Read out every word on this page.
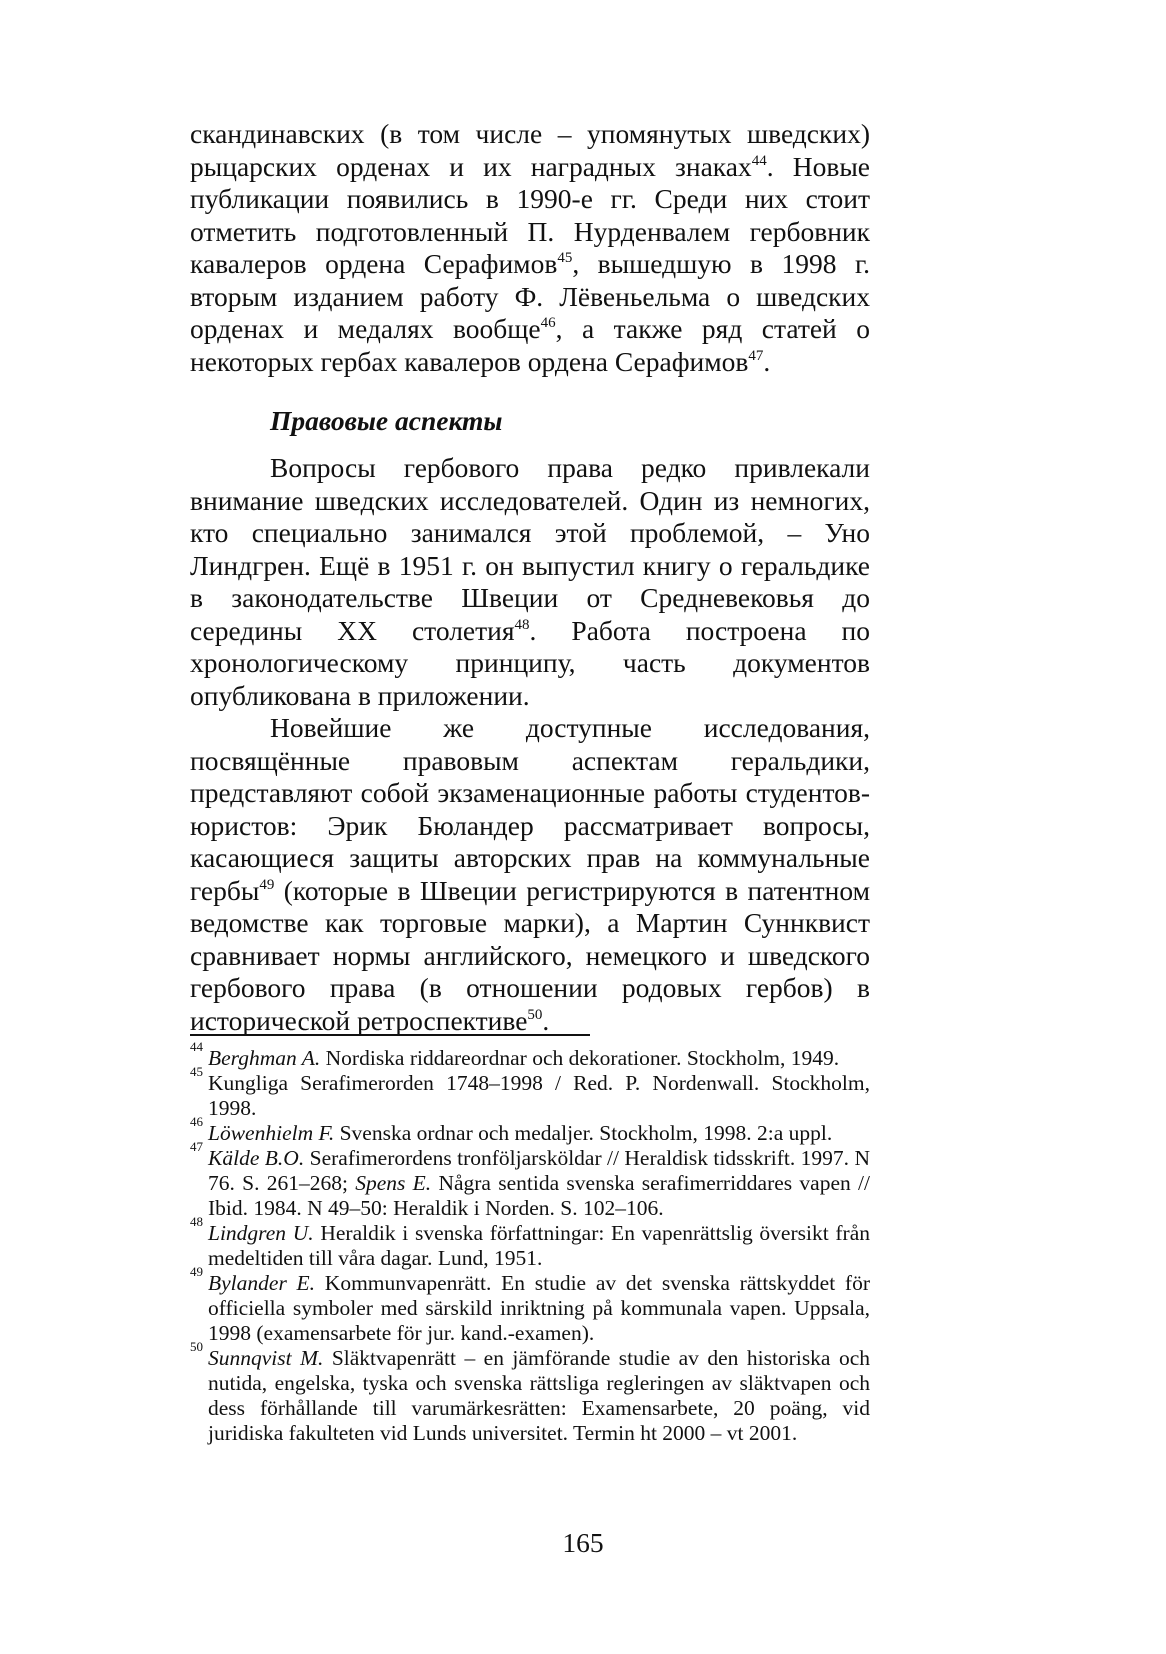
скандинавских (в том числе – упомянутых шведских) рыцарских орденах и их наградных знаках$^{44}$. Новые публикации появились в 1990-е гг. Среди них стоит отметить подготовленный П. Нурденвалем гербовник кавалеров ордена Серафимов$^{45}$, вышедшую в 1998 г. вторым изданием работу Ф. Лёвеньельма о шведских орденах и медалях вообще$^{46}$, а также ряд статей о некоторых гербах кавалеров ордена Серафимов$^{47}$.

Правовые аспекты

Вопросы гербового права редко привлекали внимание шведских исследователей. Один из немногих, кто специально занимался этой проблемой, – Уно Линдгрен. Ещё в 1951 г. он выпустил книгу о геральдике в законодательстве Швеции от Средневековья до середины XX столетия$^{48}$. Работа построена по хронологическому принципу, часть документов опубликована в приложении.

Новейшие же доступные исследования, посвящённые правовым аспектам геральдики, представляют собой экзаменационные работы студентов-юристов: Эрик Бюландер рассматривает вопросы, касающиеся защиты авторских прав на коммунальные гербы$^{49}$ (которые в Швеции регистрируются в патентном ведомстве как торговые марки), а Мартин Суннквист сравнивает нормы английского, немецкого и шведского гербового права (в отношении родовых гербов) в исторической ретроспективе$^{50}$.

44 Berghman A. Nordiska riddareordnar och dekorationer. Stockholm, 1949.
45 Kungliga Serafimerorden 1748–1998 / Red. P. Nordenwall. Stockholm, 1998.
46 Löwenhielm F. Svenska ordnar och medaljer. Stockholm, 1998. 2:a uppl.
47 Kälde B.O. Serafimerordens tronföljarsköldar // Heraldisk tidsskrift. 1997. N 76. S. 261–268; Spens E. Några sentida svenska serafimerriddares vapen // Ibid. 1984. N 49–50: Heraldik i Norden. S. 102–106.
48 Lindgren U. Heraldik i svenska författningar: En vapenrättslig översikt från medeltiden till våra dagar. Lund, 1951.
49 Bylander E. Kommunvapenrätt. En studie av det svenska rättskyddet för officiella symboler med särskild inriktning på kommunala vapen. Uppsala, 1998 (examensarbete för jur. kand.-examen).
50 Sunnqvist M. Släktvapenrätt – en jämförande studie av den historiska och nutida, engelska, tyska och svenska rättsliga regleringen av släktvapen och dess förhållande till varumärkesrätten: Examensarbete, 20 poäng, vid juridiska fakulteten vid Lunds universitet. Termin ht 2000 – vt 2001.
165
